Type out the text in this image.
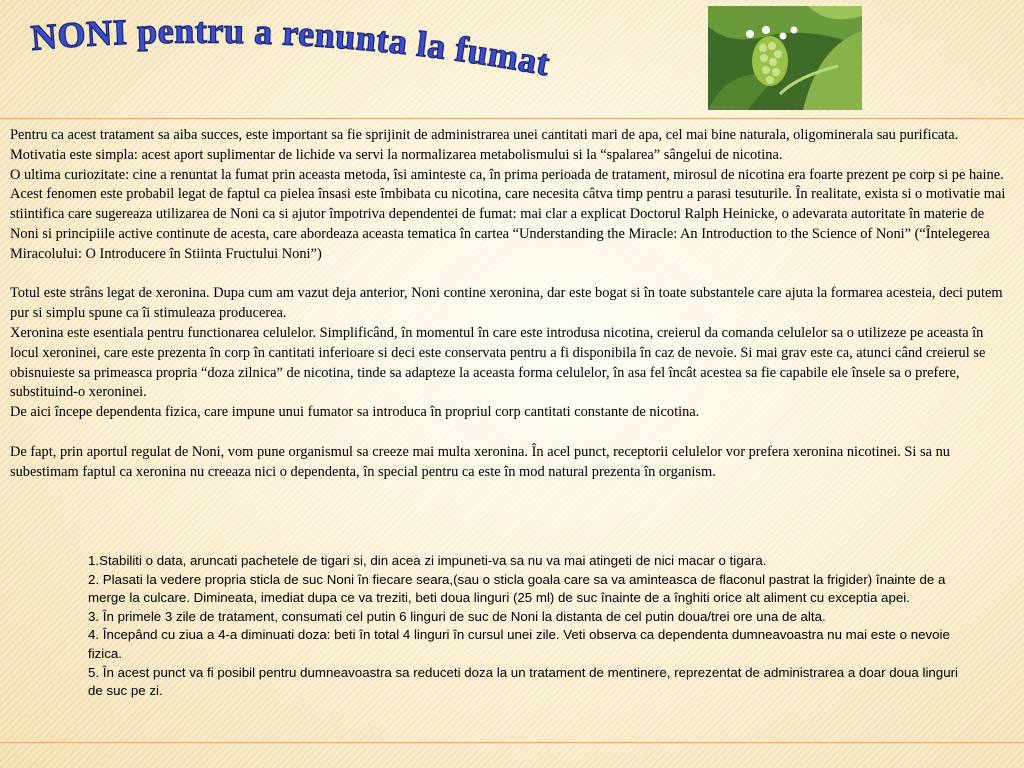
NONI pentru a renunta la fumat

Pentru ca acest tratament sa aiba succes, este important sa fie sprijinit de administrarea unei cantitati mari de apa, cel mai bine naturala, oligominerala sau purificata. Motivatia este simpla: acest aport suplimentar de lichide va servi la normalizarea metabolismului si la “spalarea” sângelui de nicotina.

O ultima curiozitate: cine a renuntat la fumat prin aceasta metoda, îsi aminteste ca, în prima perioada de tratament, mirosul de nicotina era foarte prezent pe corp si pe haine.

Acest fenomen este probabil legat de faptul ca pielea însasi este îmbibata cu nicotina, care necesita câtva timp pentru a parasi tesuturile. În realitate, exista si o motivatie mai stiintifica care sugereaza utilizarea de Noni ca si ajutor împotriva dependentei de fumat: mai clar a explicat Doctorul Ralph Heinicke, o adevarata autoritate în materie de Noni si principiile active continute de acesta, care abordeaza aceasta tematica în cartea “Understanding the Miracle: An Introduction to the Science of Noni” (“Întelegerea Miracolului: O Introducere în Stiinta Fructului Noni”)

Totul este strâns legat de xeronina. Dupa cum am vazut deja anterior, Noni contine xeronina, dar este bogat si în toate substantele care ajuta la formarea acesteia, deci putem pur si simplu spune ca îi stimuleaza producerea.

Xeronina este esentiala pentru functionarea celulelor. Simplificând, în momentul în care este introdusa nicotina, creierul da comanda celulelor sa o utilizeze pe aceasta în locul xeroninei, care este prezenta în corp în cantitati inferioare si deci este conservata pentru a fi disponibila în caz de nevoie. Si mai grav este ca, atunci când creierul se obisnuieste sa primeasca propria “doza zilnica” de nicotina, tinde sa adapteze la aceasta forma celulelor, în asa fel încât acestea sa fie capabile ele însele sa o prefere, substituind-o xeroninei.

De aici începe dependenta fizica, care impune unui fumator sa introduca în propriul corp cantitati constante de nicotina.

De fapt, prin aportul regulat de Noni, vom pune organismul sa creeze mai multa xeronina. În acel punct, receptorii celulelor vor prefera xeronina nicotinei. Si sa nu subestimam faptul ca xeronina nu creeaza nici o dependenta, în special pentru ca este în mod natural prezenta în organism.

1.Stabiliti o data, aruncati pachetele de tigari si, din acea zi impuneti-va sa nu va mai atingeti de nici macar o tigara.

2. Plasati la vedere propria sticla de suc Noni în fiecare seara,(sau o sticla goala care sa va aminteasca de flaconul pastrat la frigider) înainte de a merge la culcare. Dimineata, imediat dupa ce va treziti, beti doua linguri (25 ml) de suc înainte de a înghiti orice alt aliment cu exceptia apei.

3. În primele 3 zile de tratament, consumati cel putin 6 linguri de suc de Noni la distanta de cel putin doua/trei ore una de alta.

4. Începând cu ziua a 4-a diminuati doza: beti în total 4 linguri în cursul unei zile. Veti observa ca dependenta dumneavoastra nu mai este o nevoie fizica.

5. În acest punct va fi posibil pentru dumneavoastra sa reduceti doza la un tratament de mentinere, reprezentat de administrarea a doar doua linguri de suc pe zi.
